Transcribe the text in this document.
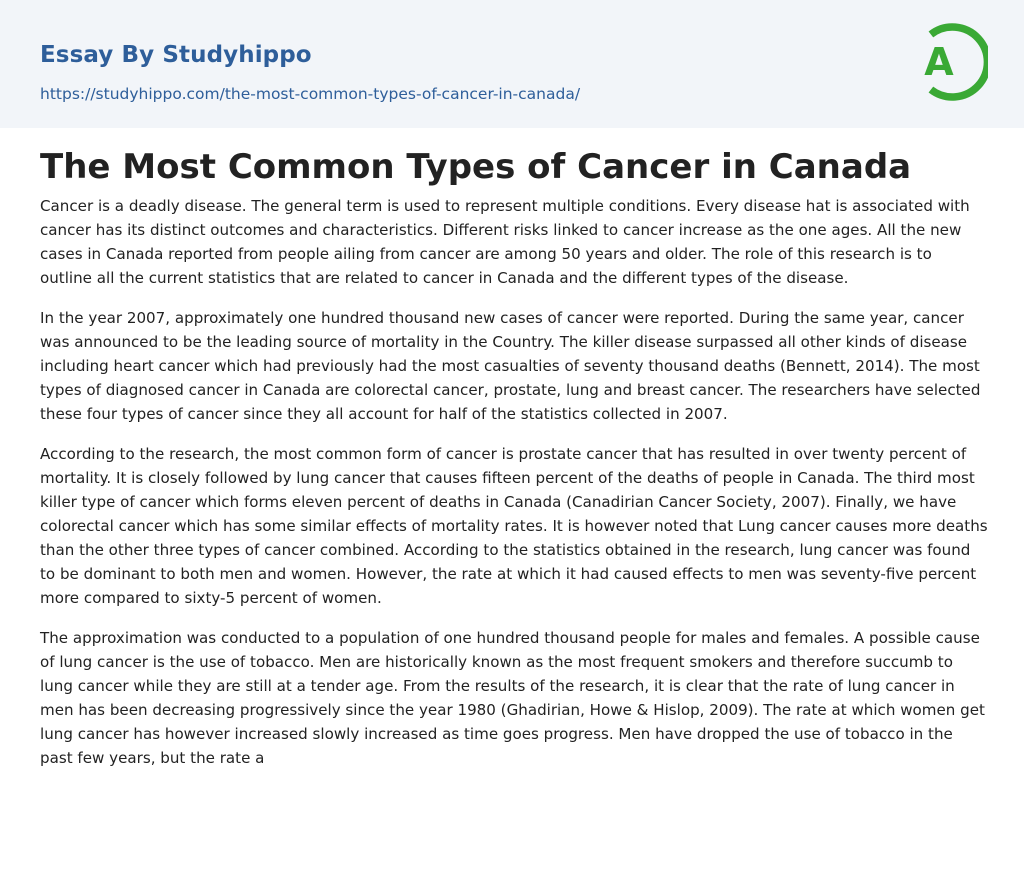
Essay By Studyhippo
https://studyhippo.com/the-most-common-types-of-cancer-in-canada/
A
The Most Common Types of Cancer in Canada

Cancer is a deadly disease. The general term is used to represent multiple conditions. Every disease hat is associated with cancer has its distinct outcomes and characteristics. Different risks linked to cancer increase as the one ages. All the new cases in Canada reported from people ailing from cancer are among 50 years and older. The role of this research is to outline all the current statistics that are related to cancer in Canada and the different types of the disease.

In the year 2007, approximately one hundred thousand new cases of cancer were reported. During the same year, cancer was announced to be the leading source of mortality in the Country. The killer disease surpassed all other kinds of disease including heart cancer which had previously had the most casualties of seventy thousand deaths (Bennett, 2014). The most types of diagnosed cancer in Canada are colorectal cancer, prostate, lung and breast cancer. The researchers have selected these four types of cancer since they all account for half of the statistics collected in 2007.

According to the research, the most common form of cancer is prostate cancer that has resulted in over twenty percent of mortality. It is closely followed by lung cancer that causes fifteen percent of the deaths of people in Canada. The third most killer type of cancer which forms eleven percent of deaths in Canada (Canadirian Cancer Society, 2007). Finally, we have colorectal cancer which has some similar effects of mortality rates. It is however noted that Lung cancer causes more deaths than the other three types of cancer combined. According to the statistics obtained in the research, lung cancer was found to be dominant to both men and women. However, the rate at which it had caused effects to men was seventy-five percent more compared to sixty-5 percent of women.

The approximation was conducted to a population of one hundred thousand people for males and females. A possible cause of lung cancer is the use of tobacco. Men are historically known as the most frequent smokers and therefore succumb to lung cancer while they are still at a tender age. From the results of the research, it is clear that the rate of lung cancer in men has been decreasing progressively since the year 1980 (Ghadirian, Howe & Hislop, 2009). The rate at which women get lung cancer has however increased slowly increased as time goes progress. Men have dropped the use of tobacco in the past few years, but the rate a
